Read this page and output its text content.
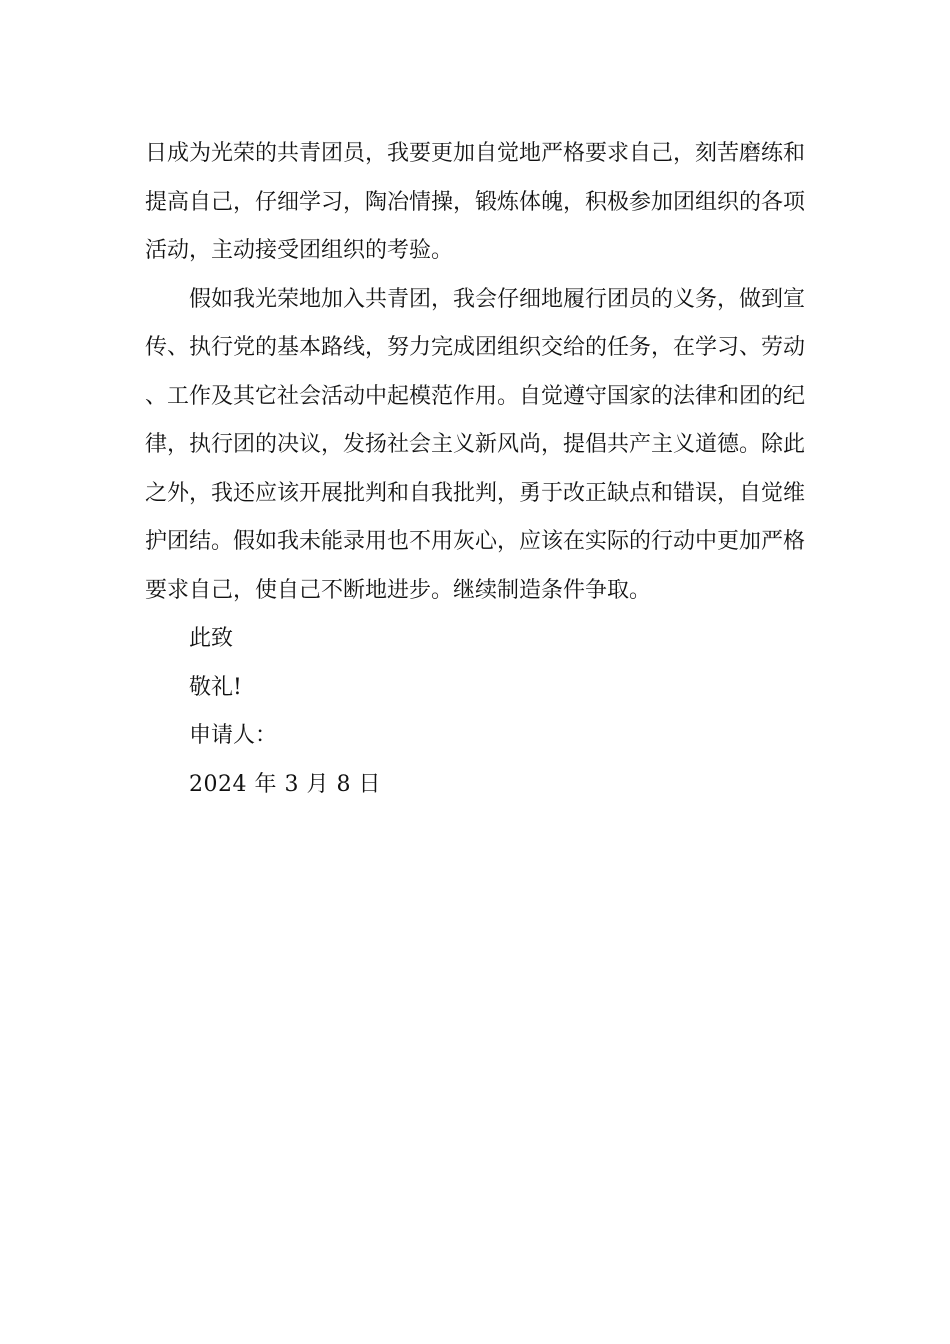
日成为光荣的共青团员，我要更加自觉地严格要求自己，刻苦磨练和提高自己，仔细学习，陶冶情操，锻炼体魄，积极参加团组织的各项活动，主动接受团组织的考验。

假如我光荣地加入共青团，我会仔细地履行团员的义务，做到宣传、执行党的基本路线，努力完成团组织交给的任务，在学习、劳动、工作及其它社会活动中起模范作用。自觉遵守国家的法律和团的纪律，执行团的决议，发扬社会主义新风尚，提倡共产主义道德。除此之外，我还应该开展批判和自我批判，勇于改正缺点和错误，自觉维护团结。假如我未能录用也不用灰心，应该在实际的行动中更加严格要求自己，使自己不断地进步。继续制造条件争取。

此致

敬礼!

申请人：

2024 年 3 月 8 日
